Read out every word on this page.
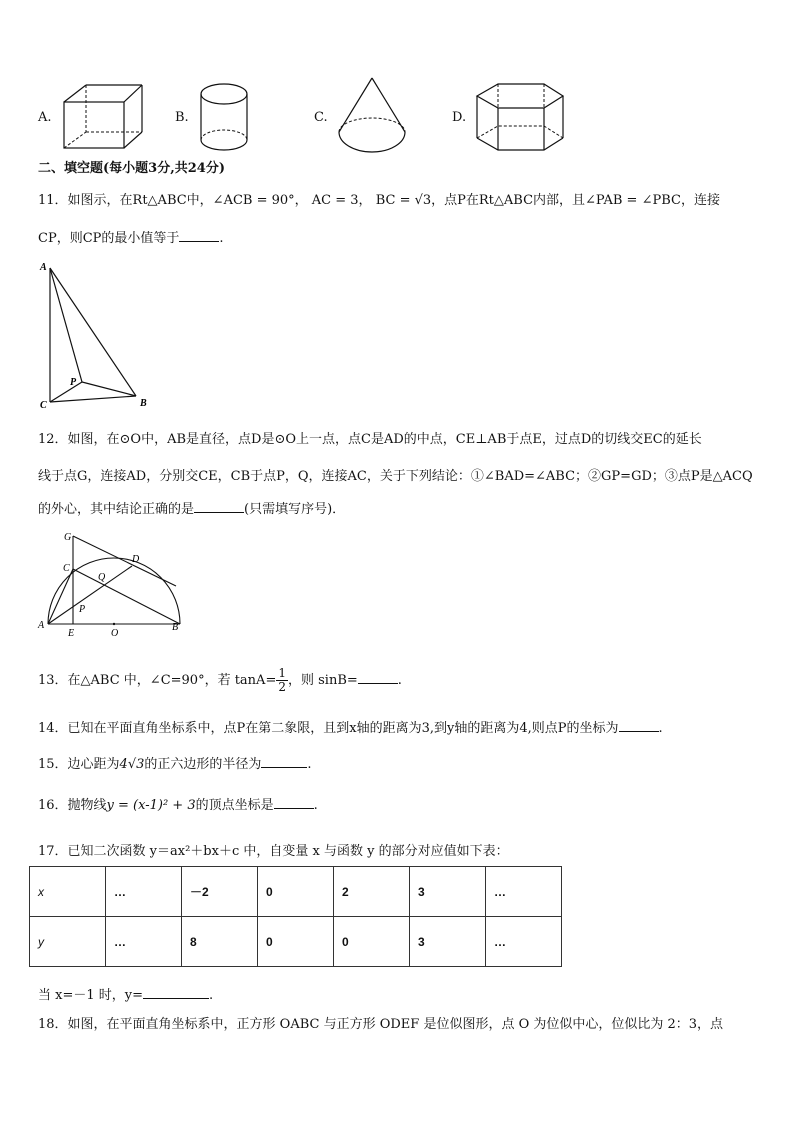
A.	B.	C.	D.
二、填空题(每小题3分,共24分)
11．如图示，在Rt△ABC中，∠ACB = 90°， AC = 3， BC = √3，点P在Rt△ABC内部，且∠PAB = ∠PBC，连接
CP，则CP的最小值等于	.
A
C	B
P
12．如图，在⊙O中，AB是直径，点D是⊙O上一点，点C是AD的中点，CE⊥AB于点E，过点D的切线交EC的延长
线于点G，连接AD，分别交CE，CB于点P，Q，连接AC，关于下列结论：①∠BAD=∠ABC；②GP=GD；③点P是△ACQ
的外心，其中结论正确的是	(只需填写序号)．
G
D
C
Q
P
A
E	O
B
13．在△ABC 中，∠C=90°，若 $\tan A= \frac{1}{2}$ ，则 sinB=	.
14．已知在平面直角坐标系中，点P在第二象限，且到x轴的距离为3,到y轴的距离为4,则点P的坐标为	.
15．边心距为4√3的正六边形的半径为	.
16．抛物线y = (x-1)² + 3的顶点坐标是	.
17．已知二次函数 y＝ax²＋bx＋c 中，自变量 x 与函数 y 的部分对应值如下表：
x	…	－2	0	2	3	…
y	…	8	0	0	3	…
当 x=－1 时，y=	.
18．如图，在平面直角坐标系中，正方形 OABC 与正方形 ODEF 是位似图形，点 O 为位似中心，位似比为 2：3，点
